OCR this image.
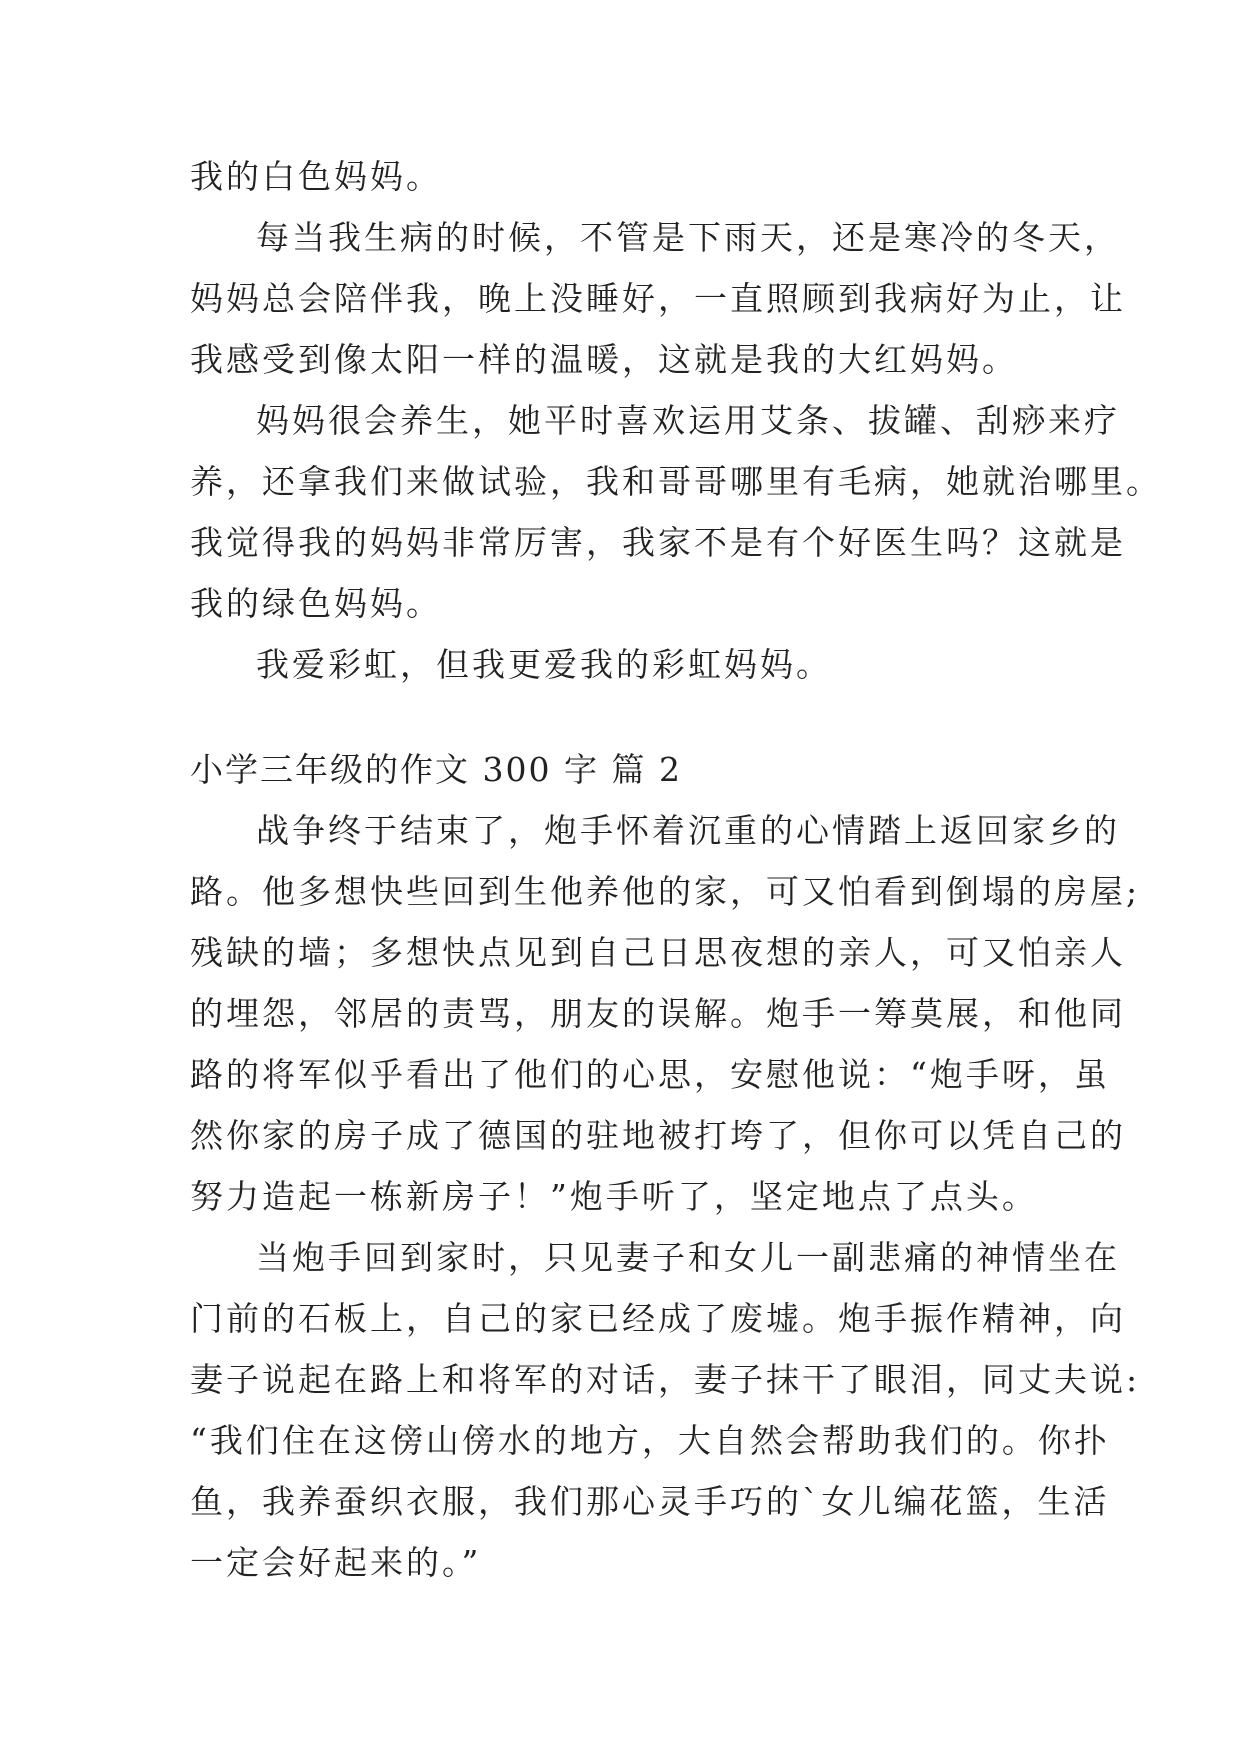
我的白色妈妈。
每当我生病的时候，不管是下雨天，还是寒冷的冬天，
妈妈总会陪伴我，晚上没睡好，一直照顾到我病好为止，让
我感受到像太阳一样的温暖，这就是我的大红妈妈。
妈妈很会养生，她平时喜欢运用艾条、拔罐、刮痧来疗
养，还拿我们来做试验，我和哥哥哪里有毛病，她就治哪里。
我觉得我的妈妈非常厉害，我家不是有个好医生吗？这就是
我的绿色妈妈。
我爱彩虹，但我更爱我的彩虹妈妈。
小学三年级的作文 300 字 篇 2
战争终于结束了，炮手怀着沉重的心情踏上返回家乡的
路。他多想快些回到生他养他的家，可又怕看到倒塌的房屋;
残缺的墙；多想快点见到自己日思夜想的亲人，可又怕亲人
的埋怨，邻居的责骂，朋友的误解。炮手一筹莫展，和他同
路的将军似乎看出了他们的心思，安慰他说：“炮手呀，虽
然你家的房子成了德国的驻地被打垮了，但你可以凭自己的
努力造起一栋新房子！”炮手听了，坚定地点了点头。
当炮手回到家时，只见妻子和女儿一副悲痛的神情坐在
门前的石板上，自己的家已经成了废墟。炮手振作精神，向
妻子说起在路上和将军的对话，妻子抹干了眼泪，同丈夫说:
“我们住在这傍山傍水的地方，大自然会帮助我们的。你扑
鱼，我养蚕织衣服，我们那心灵手巧的`女儿编花篮，生活
一定会好起来的。”
